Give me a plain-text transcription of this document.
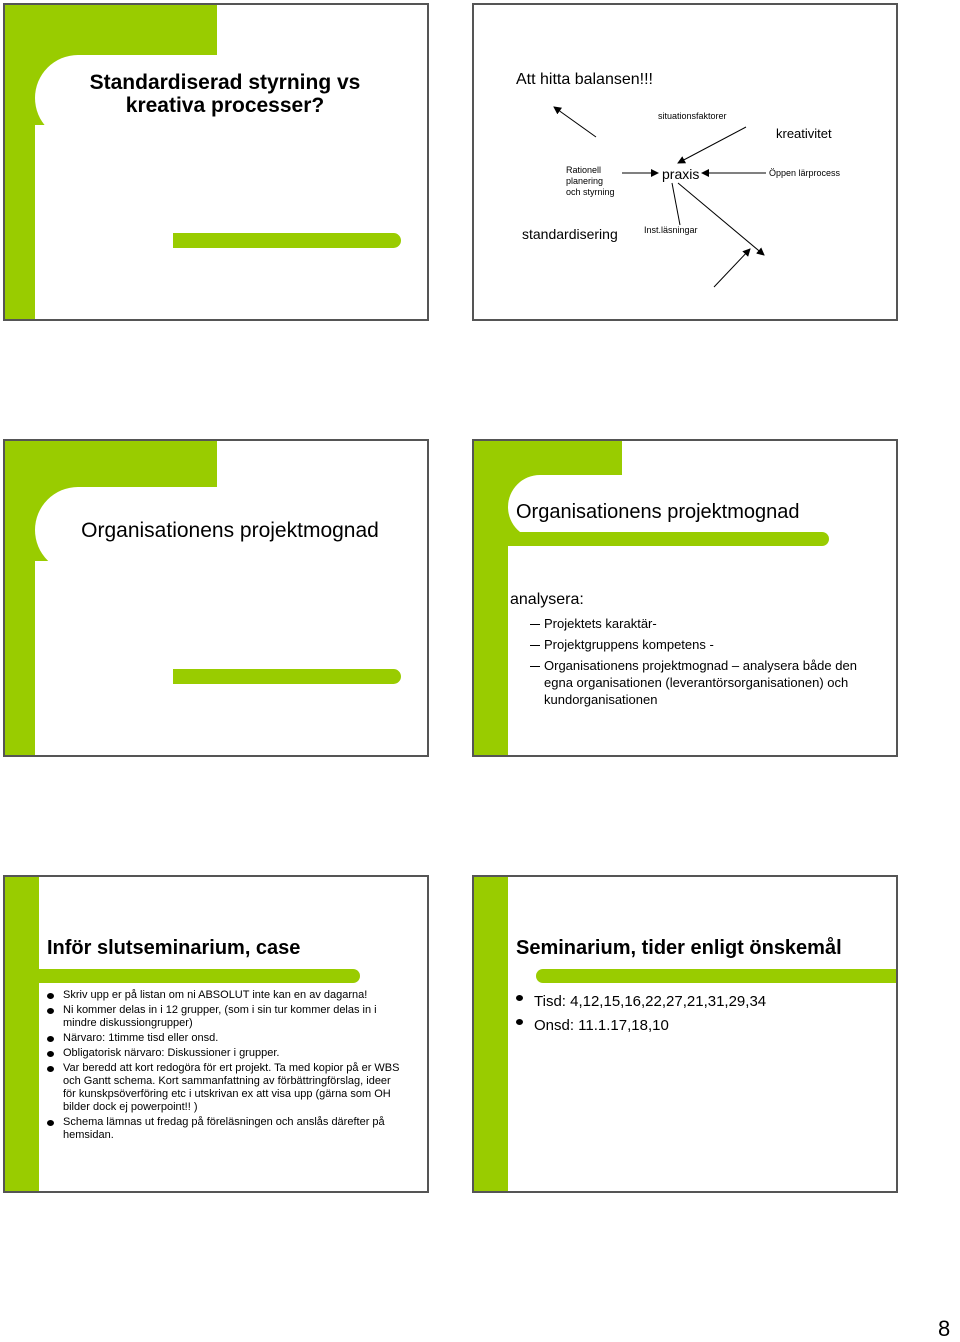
Standardiserad styrning vs
kreativa processer?
Att hitta balansen!!!
situationsfaktorer
kreativitet
Rationell
planering
och styrning
praxis	Öppen lärprocess
standardisering	Inst.läsningar
Organisationens projektmognad
Organisationens projektmognad
analysera:
Projektets karaktär-
Projektgruppens kompetens -
Organisationens projektmognad – analysera både den egna organisationen (leverantörsorganisationen) och kundorganisationen
Inför slutseminarium, case
Skriv upp er på listan om ni ABSOLUT inte kan en av dagarna!
Ni kommer delas in i 12 grupper, (som i sin tur kommer delas in i mindre diskussiongrupper)
Närvaro: 1timme tisd eller onsd.
Obligatorisk närvaro: Diskussioner i grupper.
Var beredd att kort redogöra för ert projekt. Ta med kopior på er WBS och Gantt schema. Kort sammanfattning av förbättringförslag, ideer för kunskpsöverföring etc i utskrivan ex att visa upp (gärna som OH bilder dock ej powerpoint!! )
Schema lämnas ut fredag på föreläsningen och anslås därefter på hemsidan.
Seminarium, tider enligt önskemål
Tisd: 4,12,15,16,22,27,21,31,29,34
Onsd: 11.1.17,18,10
8
